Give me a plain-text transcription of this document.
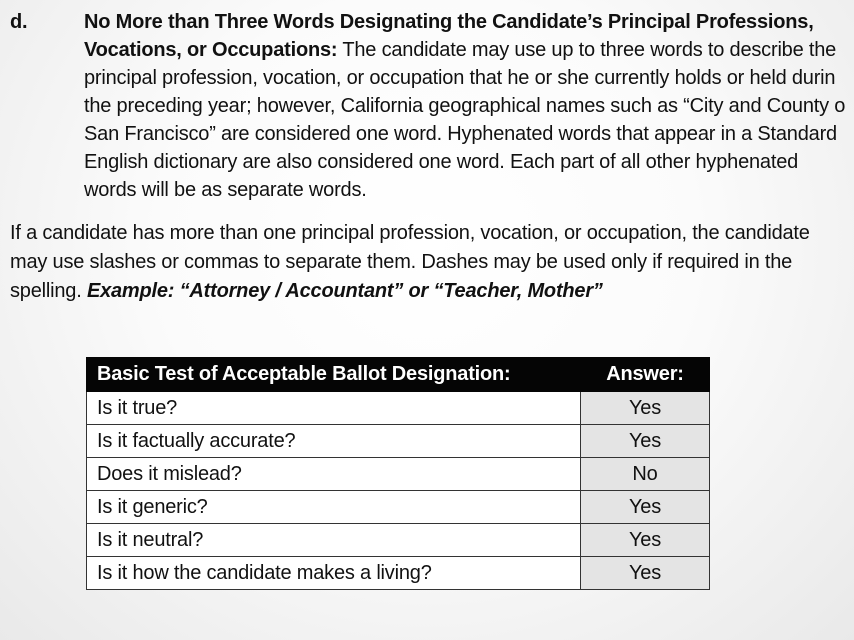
d.	No More than Three Words Designating the Candidate’s Principal Professions,
Vocations, or Occupations: The candidate may use up to three words to describe the
principal profession, vocation, or occupation that he or she currently holds or held durin
the preceding year; however, California geographical names such as “City and County o
San Francisco” are considered one word. Hyphenated words that appear in a Standard
English dictionary are also considered one word. Each part of all other hyphenated
words will be as separate words.
If a candidate has more than one principal profession, vocation, or occupation, the candidate
may use slashes or commas to separate them. Dashes may be used only if required in the
spelling. Example: “Attorney / Accountant” or “Teacher, Mother”
Basic Test of Acceptable Ballot Designation:	Answer:
Is it true?	Yes
Is it factually accurate?	Yes
Does it mislead?	No
Is it generic?	Yes
Is it neutral?	Yes
Is it how the candidate makes a living?	Yes
